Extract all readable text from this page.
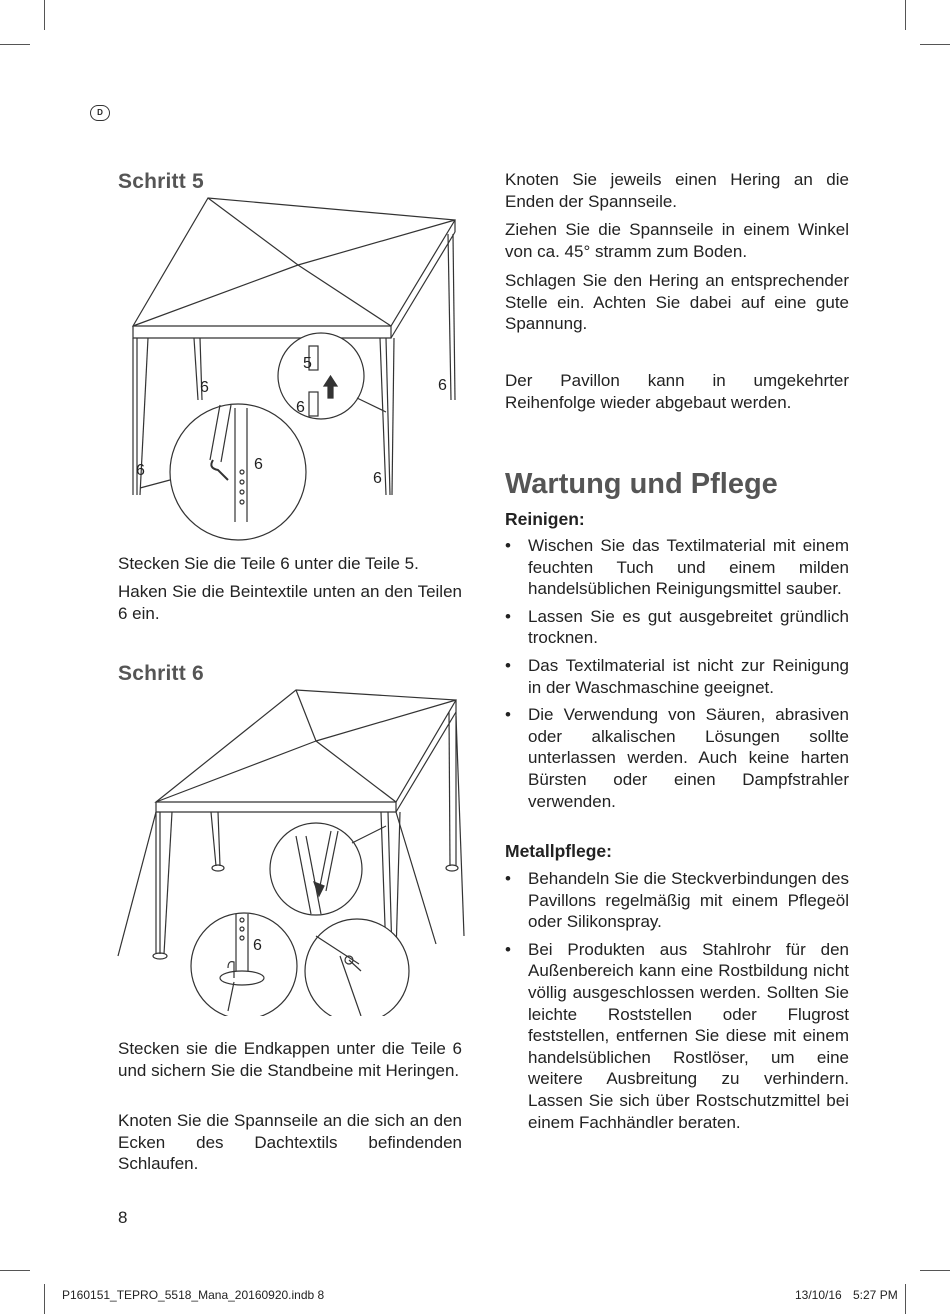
D
Schritt 5
5
6
6	6
6	6
6

Stecken Sie die Teile 6 unter die Teile 5.

Haken Sie die Beintextile unten an den Teilen 6 ein.

Schritt 6
6

Stecken sie die Endkappen unter die Teile 6 und sichern Sie die Standbeine mit Heringen.

Knoten Sie die Spannseile an die sich an den Ecken des Dachtextils befindenden Schlaufen.

Knoten Sie jeweils einen Hering an die Enden der Spannseile.

Ziehen Sie die Spannseile in einem Winkel von ca. 45° stramm zum Boden.

Schlagen Sie den Hering an entsprechender Stelle ein. Achten Sie dabei auf eine gute Spannung.

Der Pavillon kann in umgekehrter Reihenfolge wieder abgebaut werden.

Wartung und Pflege
Reinigen:
• Wischen Sie das Textilmaterial mit einem feuchten Tuch und einem milden handelsüblichen Reinigungsmittel sauber.
• Lassen Sie es gut ausgebreitet gründlich trocknen.
• Das Textilmaterial ist nicht zur Reinigung in der Waschmaschine geeignet.
• Die Verwendung von Säuren, abrasiven oder alkalischen Lösungen sollte unterlassen werden. Auch keine harten Bürsten oder einen Dampfstrahler verwenden.
Metallpflege:
• Behandeln Sie die Steckverbindungen des Pavillons regelmäßig mit einem Pflegeöl oder Silikonspray.
• Bei Produkten aus Stahlrohr für den Außenbereich kann eine Rostbildung nicht völlig ausgeschlossen werden. Sollten Sie leichte Roststellen oder Flugrost feststellen, entfernen Sie diese mit einem handelsüblichen Rostlöser, um eine weitere Ausbreitung zu verhindern. Lassen Sie sich über Rostschutzmittel bei einem Fachhändler beraten.
8
P160151_TEPRO_5518_Mana_20160920.indb 8	13/10/16 5:27 PM
